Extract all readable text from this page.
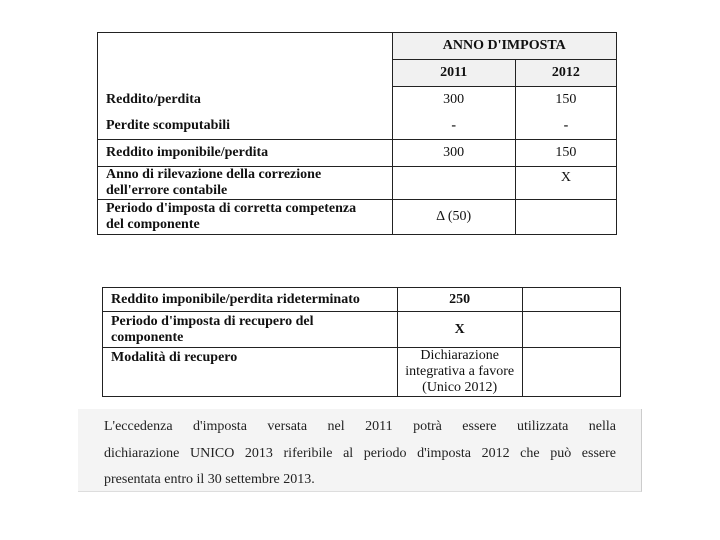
	ANNO D'IMPOSTA	
	2011	2012
Reddito/perdita	300	150
Perdite scomputabili	-	-
Reddito imponibile/perdita	300	150

Anno di rilevazione della correzione
dell'errore contabile		X

Periodo d'imposta di corretta competenza
del componente	Δ (50)	
Reddito imponibile/perdita rideterminato	250	

Periodo d'imposta di recupero del
componente	X	
Modalità di recupero	Dichiarazione
integrativa a favore
(Unico 2012)	

L'eccedenza d'imposta versata nel 2011 potrà essere utilizzata nella
dichiarazione UNICO 2013 riferibile al periodo d'imposta 2012 che può essere
presentata entro il 30 settembre 2013.
